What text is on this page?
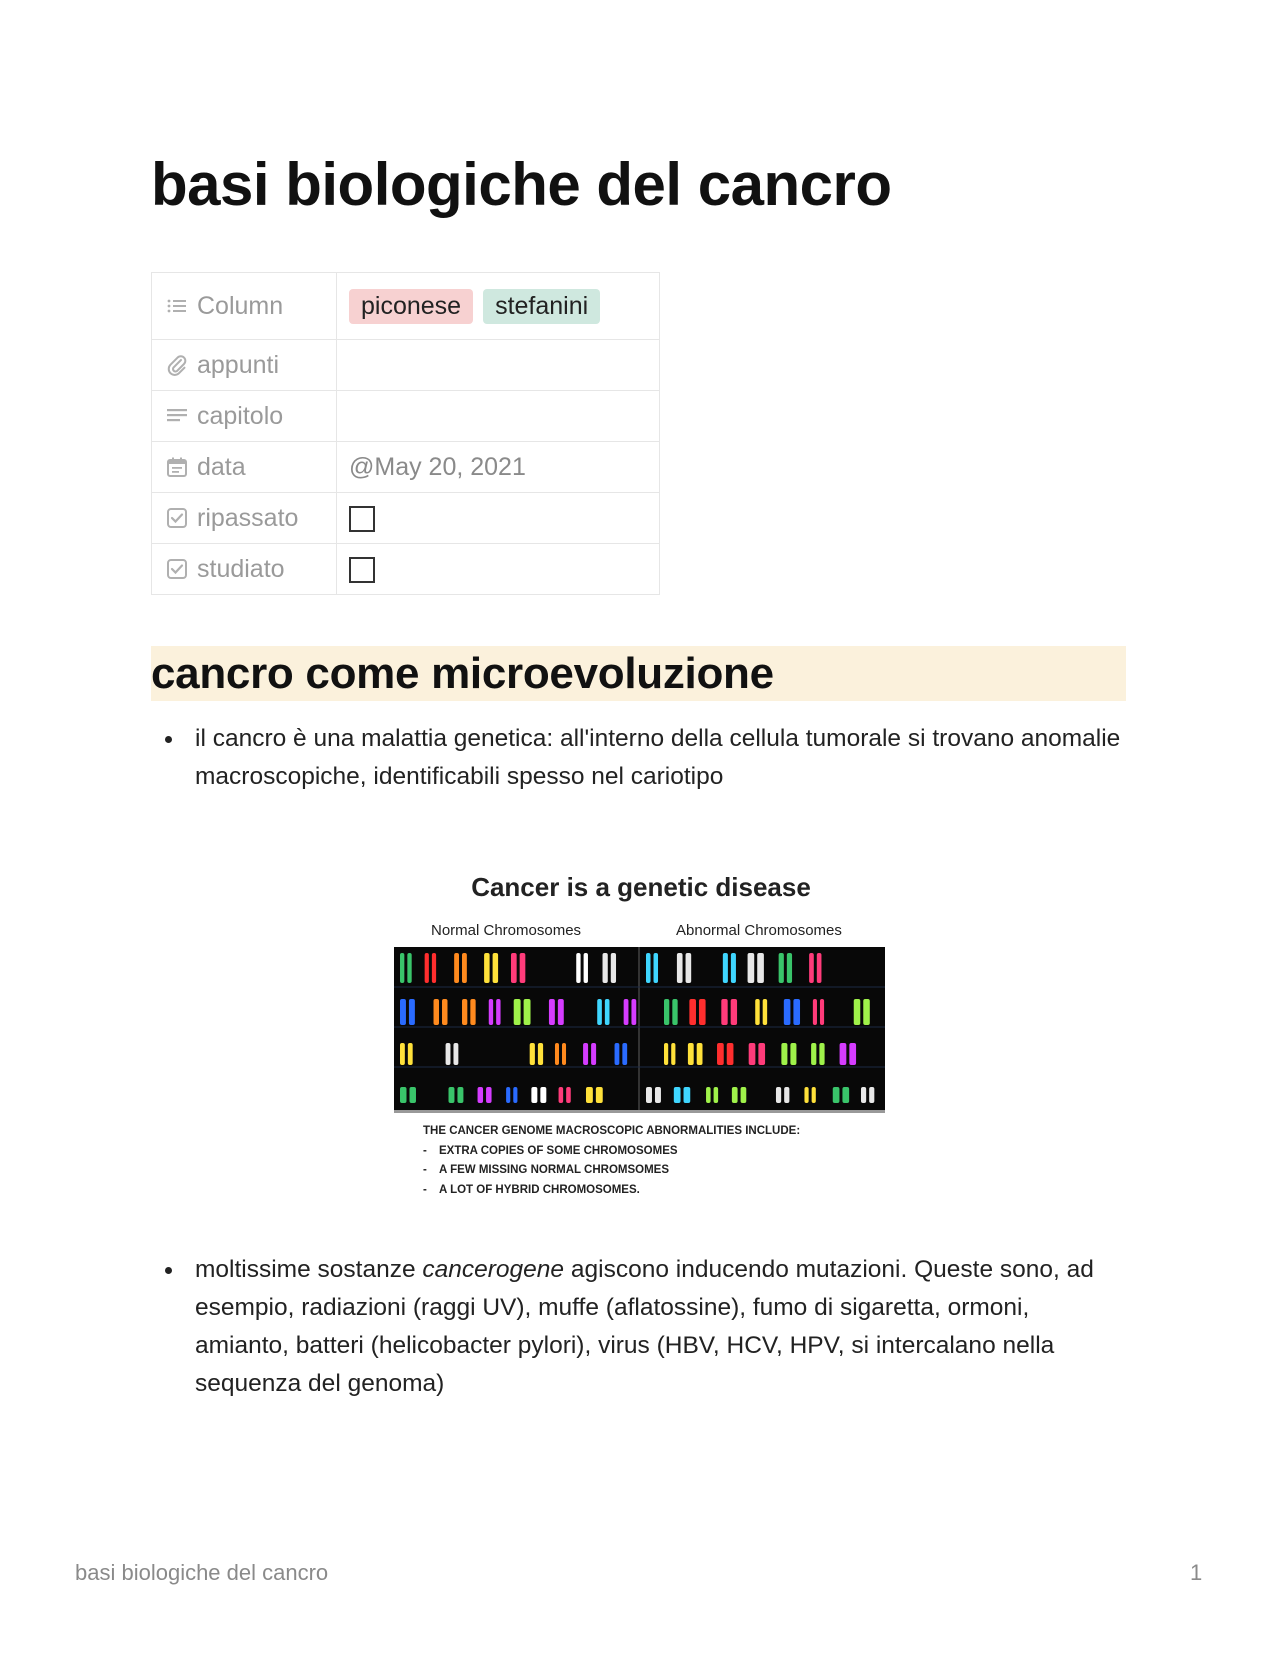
basi biologiche del cancro
Column	piconese stefanini

appunti	

capitolo	

data	@May 20, 2021

ripassato	

studiato	

cancro come microevoluzione
il cancro è una malattia genetica: all'interno della cellula tumorale si trovano anomalie macroscopiche, identificabili spesso nel cariotipo
Cancer is a genetic disease
Normal Chromosomes	Abnormal Chromosomes
THE CANCER GENOME MACROSCOPIC ABNORMALITIES INCLUDE:
- EXTRA COPIES OF SOME CHROMOSOMES
- A FEW MISSING NORMAL CHROMSOMES
- A LOT OF HYBRID CHROMOSOMES.
moltissime sostanze cancerogene agiscono inducendo mutazioni. Queste sono, ad esempio, radiazioni (raggi UV), muffe (aflatossine), fumo di sigaretta, ormoni, amianto, batteri (helicobacter pylori), virus (HBV, HCV, HPV, si intercalano nella sequenza del genoma)
basi biologiche del cancro	1
